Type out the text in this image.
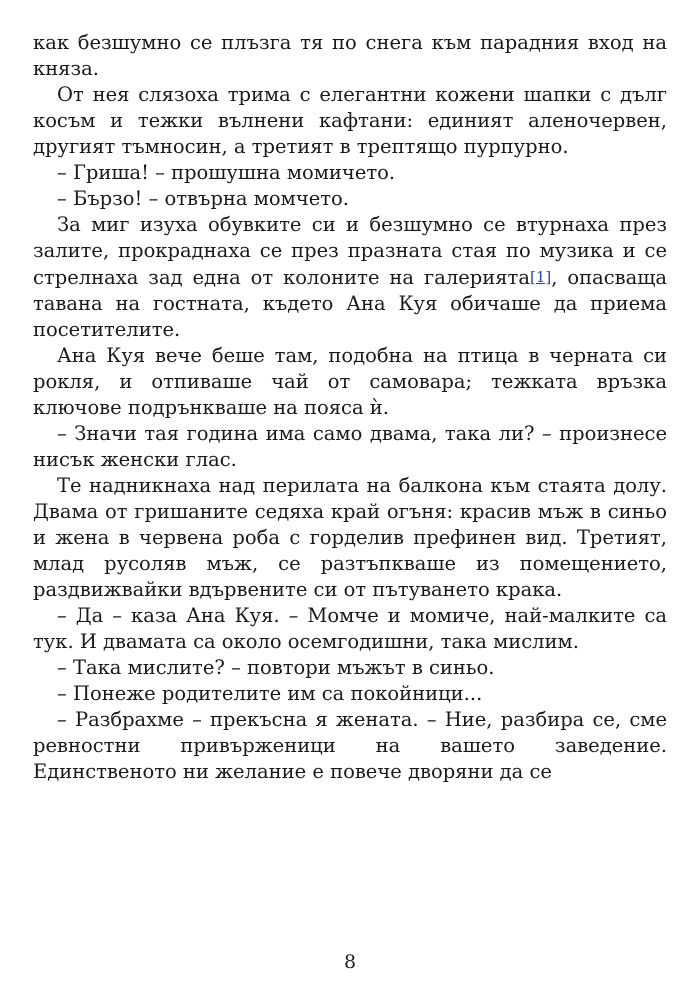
как безшумно се плъзга тя по снега към парадния вход на княза.

От нея слязоха трима с елегантни кожени шапки с дълг косъм и тежки вълнени кафтани: единият аленочервен, другият тъмносин, а третият в трептящо пурпурно.

– Гриша! – прошушна момичето.

– Бързо! – отвърна момчето.

За миг изуха обувките си и безшумно се втурнаха през залите, прокраднаха се през празната стая по музика и се стрелнаха зад една от колоните на галерията[1], опасваща тавана на гостната, където Ана Куя обичаше да приема посетителите.

Ана Куя вече беше там, подобна на птица в черната си рокля, и отпиваше чай от самовара; тежката връзка ключове подрънкваше на пояса ѝ.

– Значи тая година има само двама, така ли? – произнесе нисък женски глас.

Те надникнаха над перилата на балкона към стаята долу. Двама от гришаните седяха край огъня: красив мъж в синьо и жена в червена роба с горделив префинен вид. Третият, млад русоляв мъж, се разтъпкваше из помещението, раздвижвайки вдървените си от пътуването крака.

– Да – каза Ана Куя. – Момче и момиче, най-малките са тук. И двамата са около осемгодишни, така мислим.

– Така мислите? – повтори мъжът в синьо.

– Понеже родителите им са покойници...

– Разбрахме – прекъсна я жената. – Ние, разбира се, сме ревностни привърженици на вашето заведение. Единственото ни желание е повече дворяни да се

8
